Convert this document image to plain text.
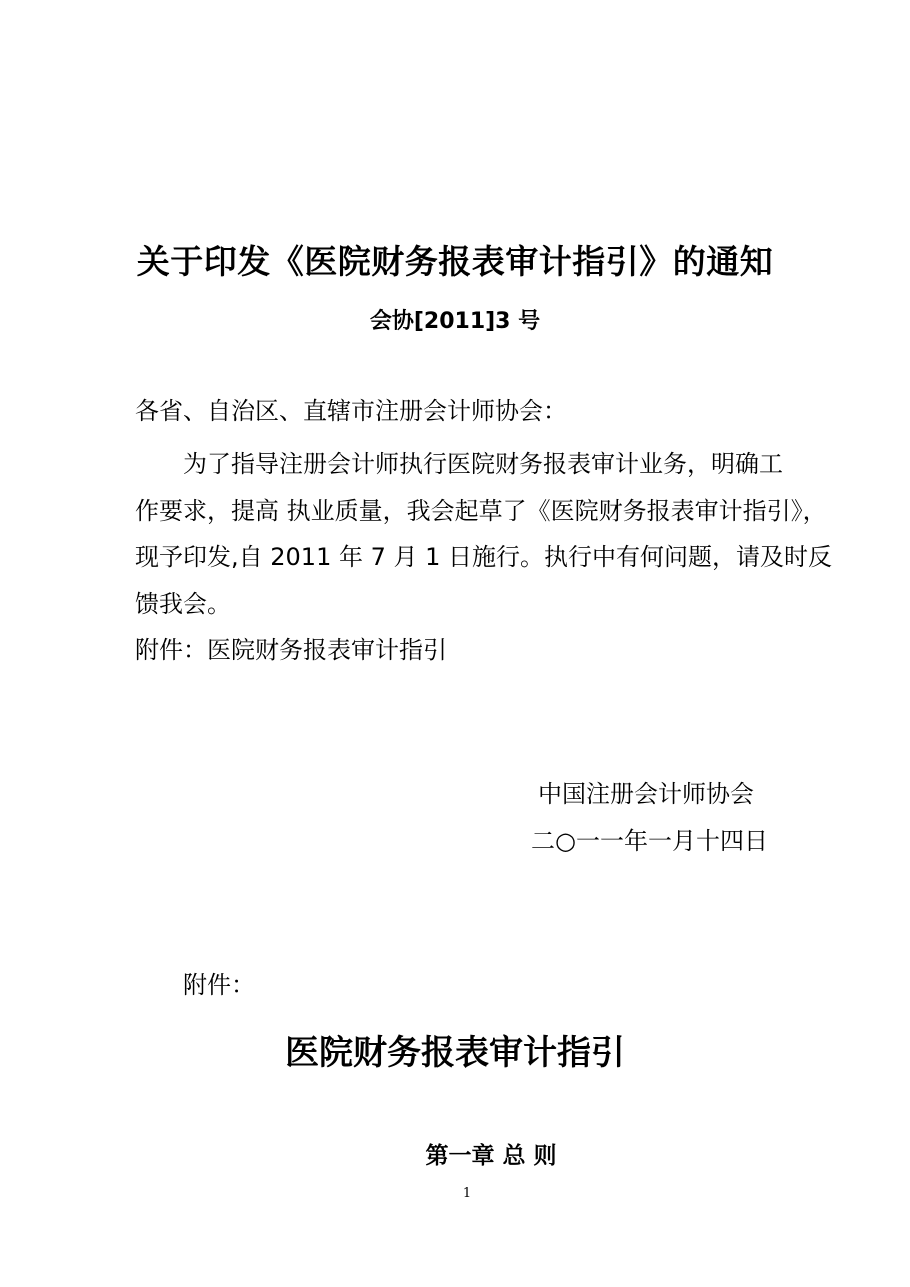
关于印发《医院财务报表审计指引》的通知
会协[2011]3 号
各省、自治区、直辖市注册会计师协会：
为了指导注册会计师执行医院财务报表审计业务，明确工
作要求，提高 执业质量，我会起草了《医院财务报表审计指引》，
现予印发,自 2011 年 7 月 1 日施行。执行中有何问题，请及时反
馈我会。
附件：医院财务报表审计指引
中国注册会计师协会
二○一一年一月十四日
附件：
医院财务报表审计指引
第一章 总 则
1
